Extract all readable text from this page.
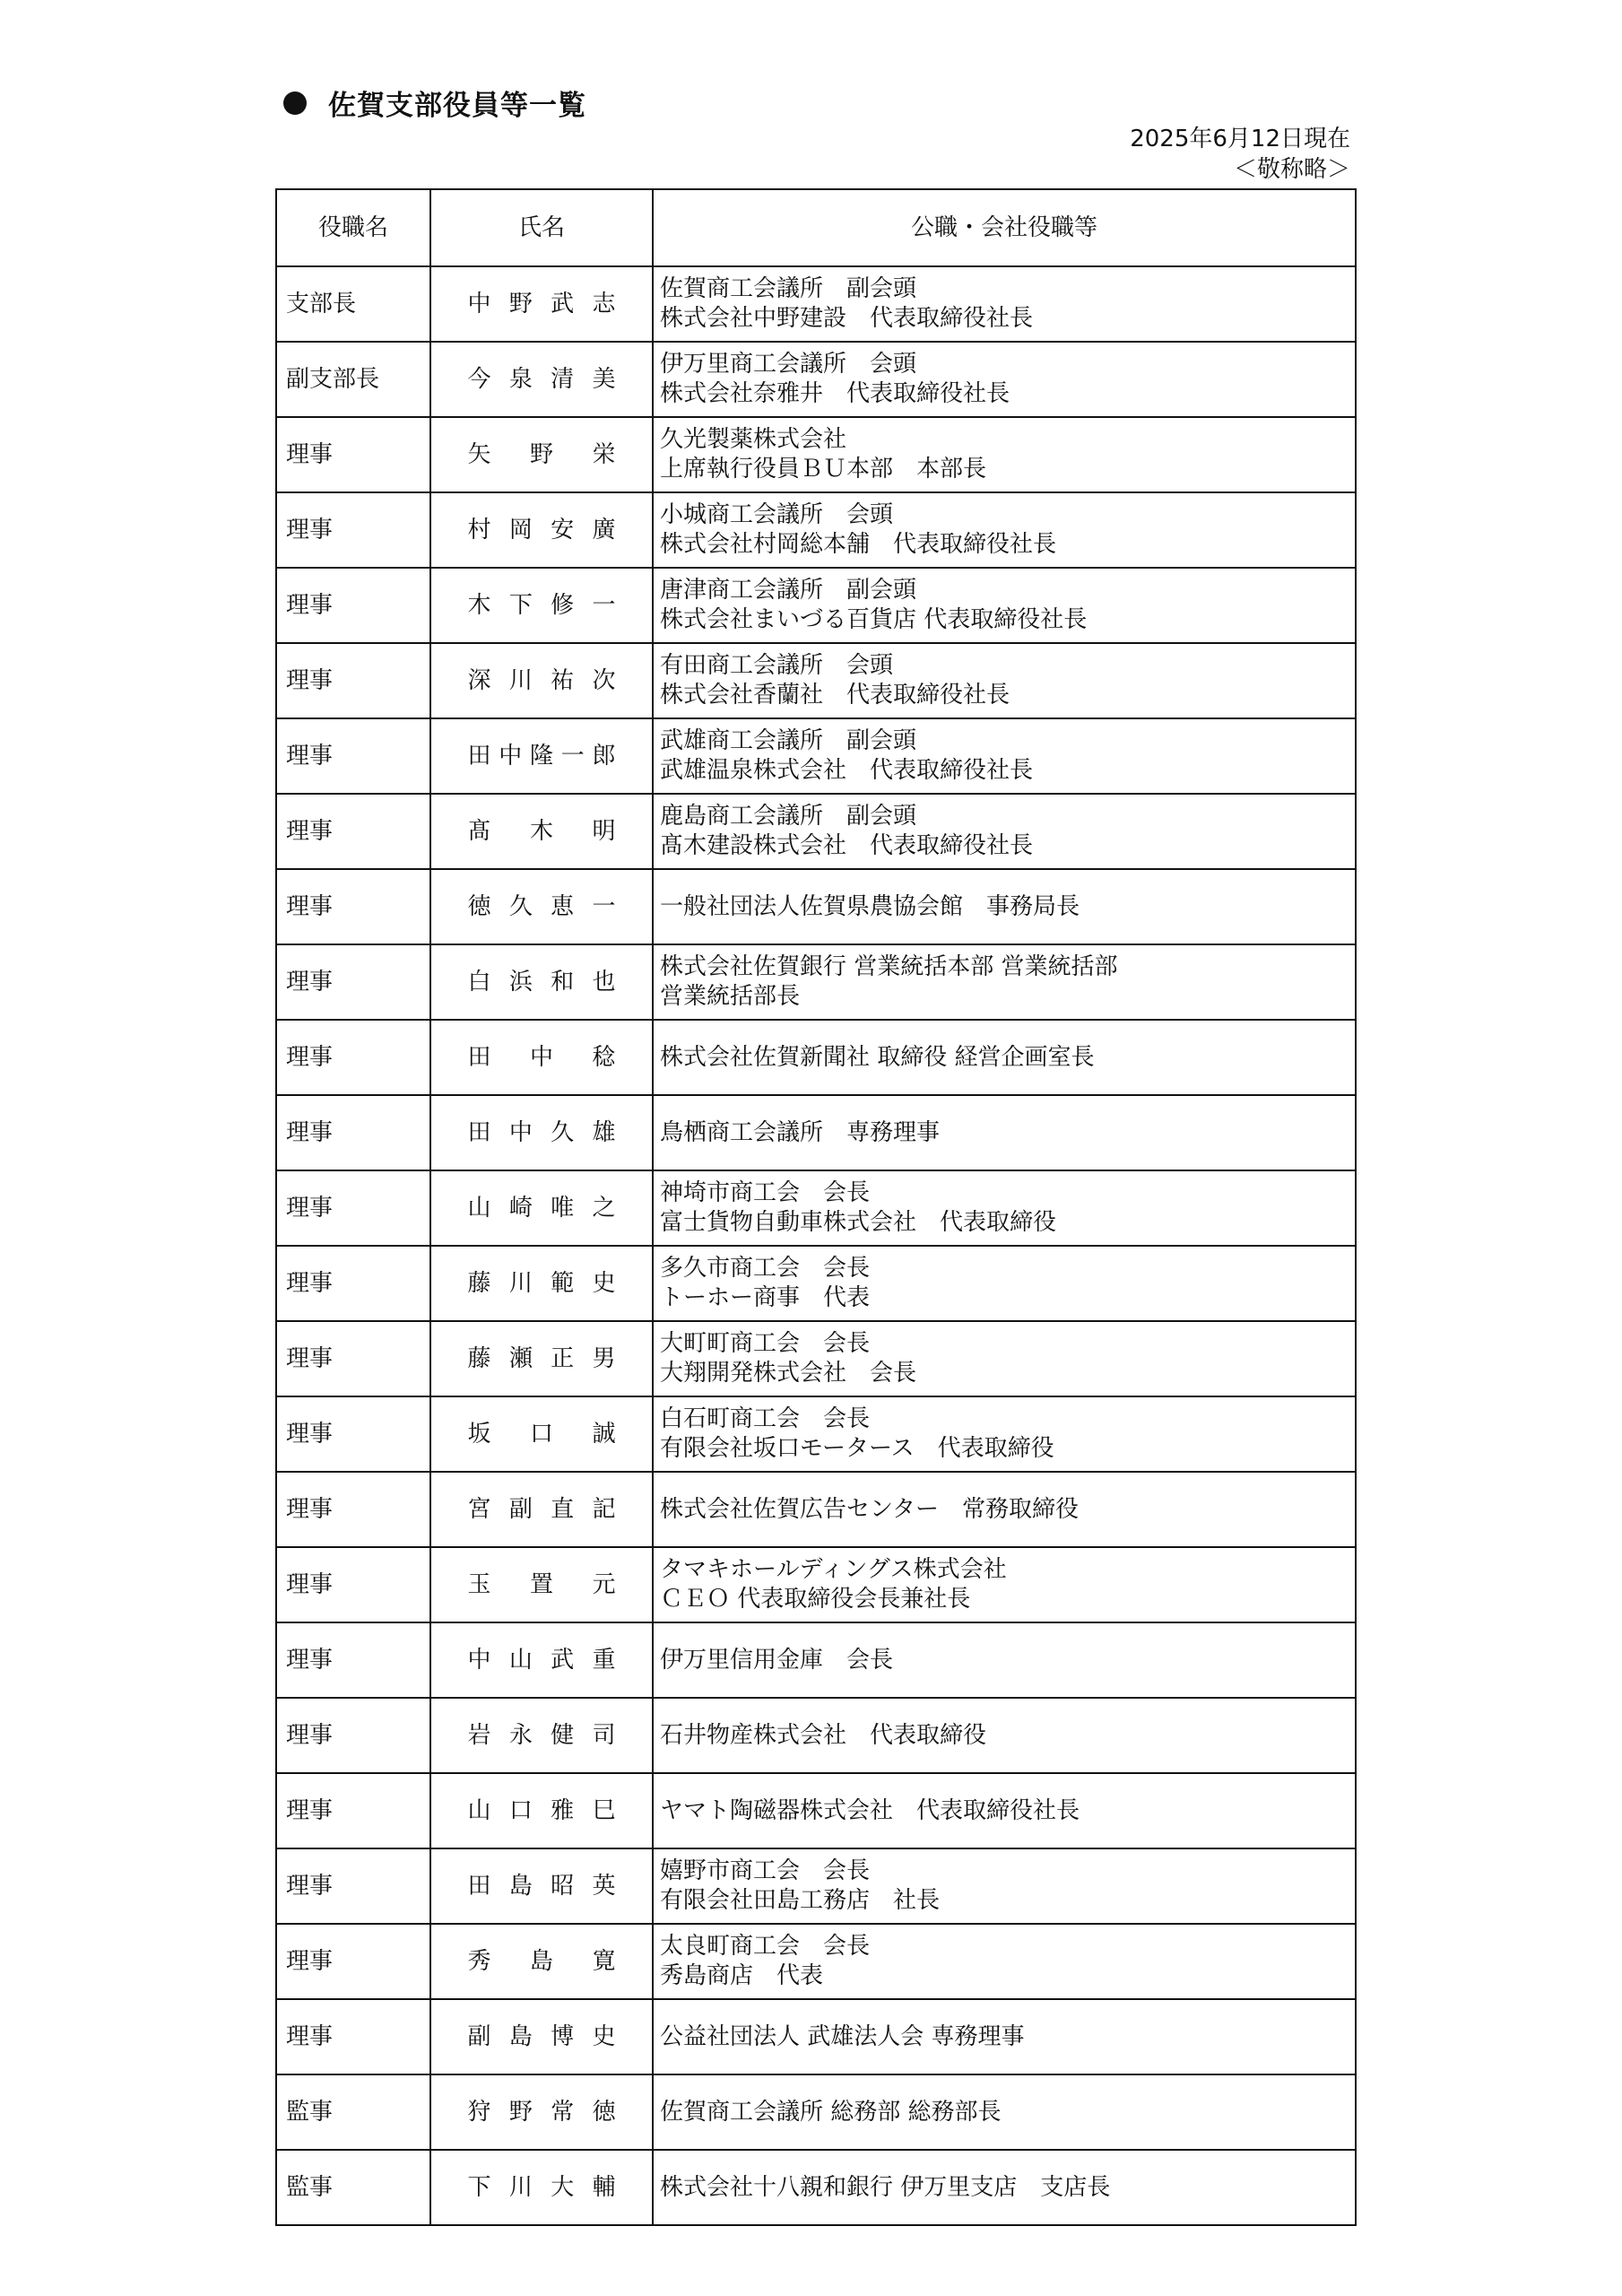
佐賀支部役員等一覧
2025年6月12日現在
＜敬称略＞
役職名	氏名	公職・会社役職等
支部長	中野武志	佐賀商工会議所　副会頭
株式会社中野建設　代表取締役社長

副支部長	今泉清美	伊万里商工会議所　会頭
株式会社奈雅井　代表取締役社長

理事	矢野栄	久光製薬株式会社
上席執行役員ＢＵ本部　本部長

理事	村岡安廣	小城商工会議所　会頭
株式会社村岡総本舗　代表取締役社長

理事	木下修一	唐津商工会議所　副会頭
株式会社まいづる百貨店 代表取締役社長

理事	深川祐次	有田商工会議所　会頭
株式会社香蘭社　代表取締役社長

理事	田中隆一郎	武雄商工会議所　副会頭
武雄温泉株式会社　代表取締役社長

理事	髙木明	鹿島商工会議所　副会頭
髙木建設株式会社　代表取締役社長

理事	徳久恵一	一般社団法人佐賀県農協会館　事務局長

理事	白浜和也	株式会社佐賀銀行 営業統括本部 営業統括部
営業統括部長

理事	田中稔	株式会社佐賀新聞社 取締役 経営企画室長

理事	田中久雄	鳥栖商工会議所　専務理事

理事	山崎唯之	神埼市商工会　会長
富士貨物自動車株式会社　代表取締役

理事	藤川範史	多久市商工会　会長
トーホー商事　代表

理事	藤瀬正男	大町町商工会　会長
大翔開発株式会社　会長

理事	坂口誠	白石町商工会　会長
有限会社坂口モータース　代表取締役

理事	宮副直記	株式会社佐賀広告センター　常務取締役

理事	玉置元	タマキホールディングス株式会社
ＣＥＯ 代表取締役会長兼社長

理事	中山武重	伊万里信用金庫　会長

理事	岩永健司	石井物産株式会社　代表取締役

理事	山口雅巳	ヤマト陶磁器株式会社　代表取締役社長

理事	田島昭英	嬉野市商工会　会長
有限会社田島工務店　社長

理事	秀島寛	太良町商工会　会長
秀島商店　代表

理事	副島博史	公益社団法人 武雄法人会 専務理事

監事	狩野常徳	佐賀商工会議所 総務部 総務部長

監事	下川大輔	株式会社十八親和銀行 伊万里支店　支店長
